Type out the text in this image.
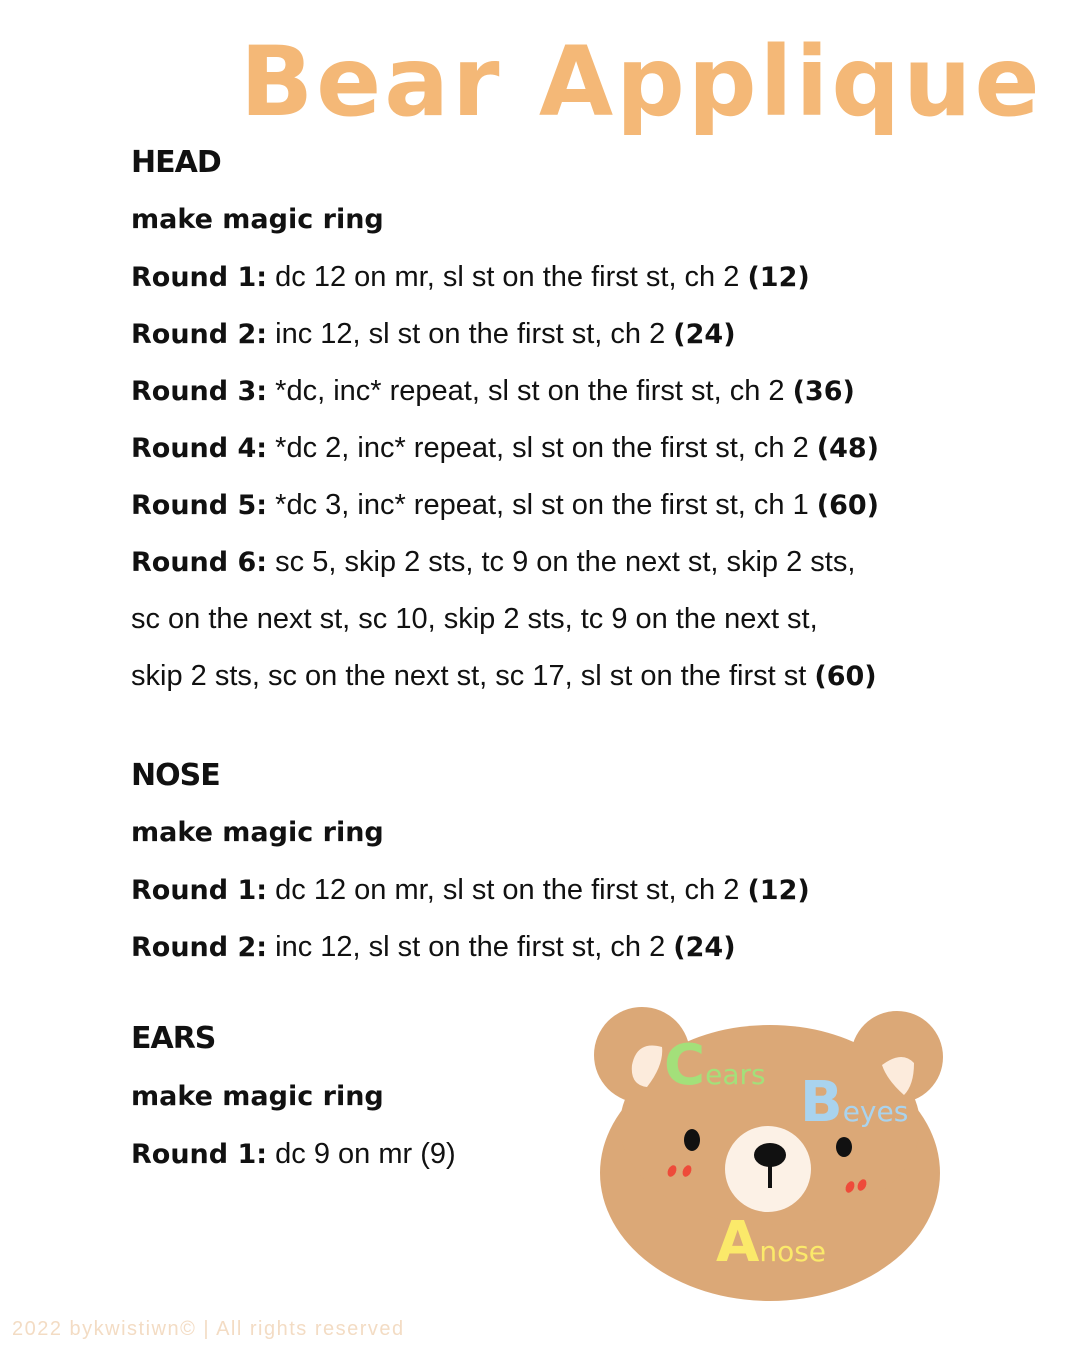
Bear Applique
HEAD
make magic ring
Round 1: dc 12 on mr, sl st on the first st, ch 2 (12)
Round 2: inc 12, sl st on the first st, ch 2 (24)
Round 3: *dc, inc* repeat, sl st on the first st, ch 2 (36)
Round 4: *dc 2, inc* repeat, sl st on the first st, ch 2 (48)
Round 5: *dc 3, inc* repeat, sl st on the first st, ch 1 (60)
Round 6: sc 5, skip 2 sts, tc 9 on the next st, skip 2 sts,
sc on the next st, sc 10, skip 2 sts, tc 9 on the next st,
skip 2 sts, sc on the next st, sc 17, sl st on the first st (60)
NOSE
make magic ring
Round 1: dc 12 on mr, sl st on the first st, ch 2 (12)
Round 2: inc 12, sl st on the first st, ch 2 (24)
EARS
make magic ring
Round 1: dc 9 on mr (9)
Cears Beyes
Anose
2022 bykwistiwn© | All rights reserved
